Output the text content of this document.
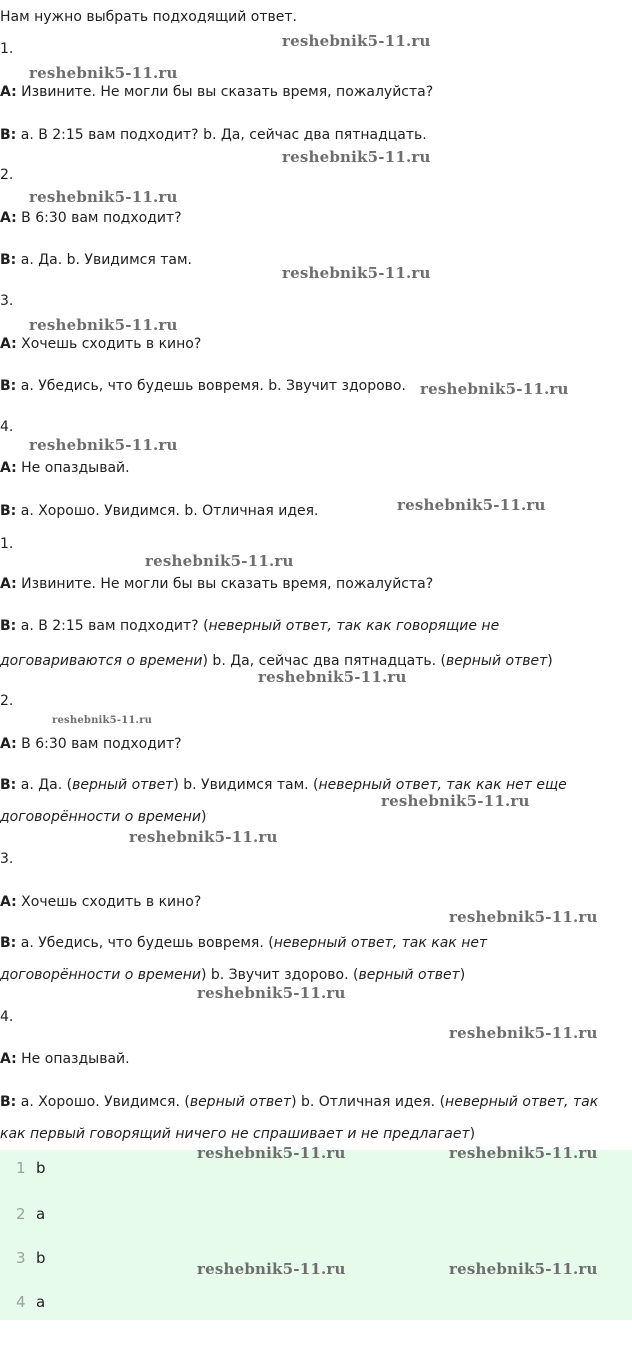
Нам нужно выбрать подходящий ответ.
1.
A: Извините. Не могли бы вы сказать время, пожалуйста?
B: a. В 2:15 вам подходит? b. Да, сейчас два пятнадцать.
2.
A: В 6:30 вам подходит?
B: a. Да. b. Увидимся там.
3.
A: Хочешь сходить в кино?
B: a. Убедись, что будешь вовремя. b. Звучит здорово.
4.
A: Не опаздывай.
B: a. Хорошо. Увидимся. b. Отличная идея.
1.
A: Извините. Не могли бы вы сказать время, пожалуйста?
B: a. В 2:15 вам подходит? (неверный ответ, так как говорящие не
договариваются о времени) b. Да, сейчас два пятнадцать. (верный ответ)
2.
A: В 6:30 вам подходит?
B: a. Да. (верный ответ) b. Увидимся там. (неверный ответ, так как нет еще
договорённости о времени)
3.
A: Хочешь сходить в кино?
B: a. Убедись, что будешь вовремя. (неверный ответ, так как нет
договорённости о времени) b. Звучит здорово. (верный ответ)
4.
A: Не опаздывай.
B: a. Хорошо. Увидимся. (верный ответ) b. Отличная идея. (неверный ответ, так
как первый говорящий ничего не спрашивает и не предлагает)
1 b
2 a
3 b
4 a
reshebnik5-11.ru
reshebnik5-11.ru
reshebnik5-11.ru
reshebnik5-11.ru
reshebnik5-11.ru
reshebnik5-11.ru
reshebnik5-11.ru
reshebnik5-11.ru
reshebnik5-11.ru
reshebnik5-11.ru
reshebnik5-11.ru
reshebnik5-11.ru
reshebnik5-11.ru
reshebnik5-11.ru
reshebnik5-11.ru
reshebnik5-11.ru
reshebnik5-11.ru
reshebnik5-11.ru	reshebnik5-11.ru
reshebnik5-11.ru	reshebnik5-11.ru
